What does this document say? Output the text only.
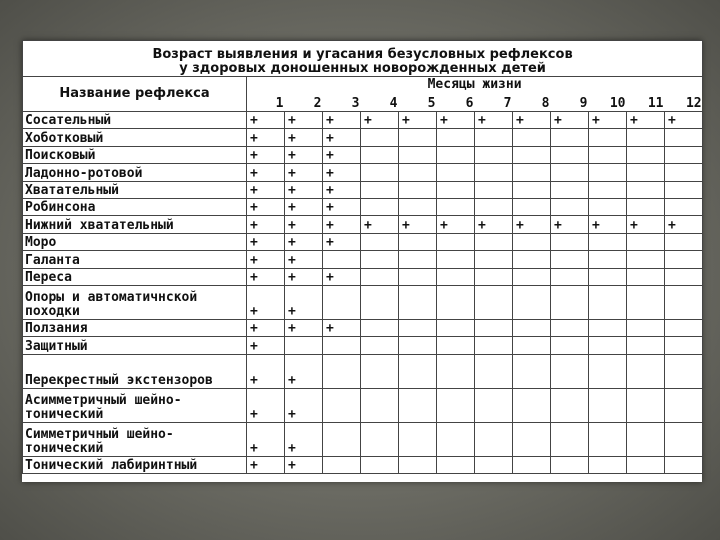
Возраст выявления и угасания безусловных рефлексов
у здоровых доношенных новорожденных детей												

Название рефлекса	Месяцы жизни											
	1	2	3	4	5	6	7	8	9	10	11	12
Сосательный	+	+	+	+	+	+	+	+	+	+	+	+
Хоботковый	+	+	+									
Поисковый	+	+	+									
Ладонно-ротовой	+	+	+									
Хватательный	+	+	+									
Робинсона	+	+	+									
Нижний хватательный	+	+	+	+	+	+	+	+	+	+	+	+
Моро	+	+	+									
Галанта	+	+										
Переса	+	+	+									
Опоры и автоматичнской походки	+	+										
Ползания	+	+	+									
Защитный	+											
Перекрестный экстензоров	+	+										
Асимметричный шейно-тонический	+	+										
Симметричный шейно-тонический	+	+										
Тонический лабиринтный	+	+										
